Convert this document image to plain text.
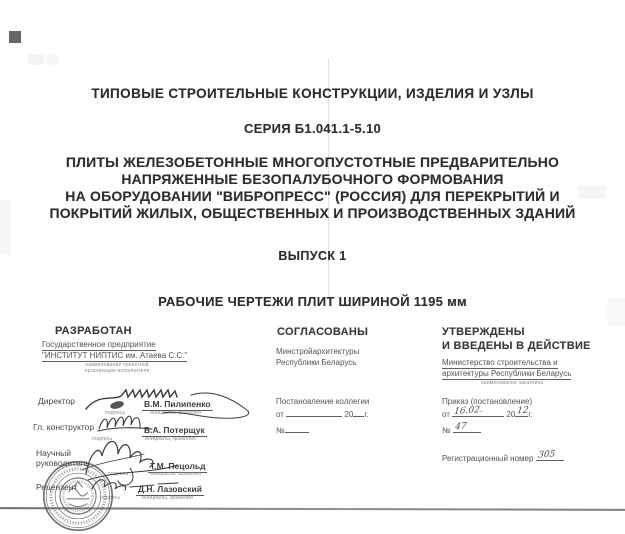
ТИПОВЫЕ СТРОИТЕЛЬНЫЕ КОНСТРУКЦИИ, ИЗДЕЛИЯ И УЗЛЫ
СЕРИЯ Б1.041.1-5.10
ПЛИТЫ ЖЕЛЕЗОБЕТОННЫЕ МНОГОПУСТОТНЫЕ ПРЕДВАРИТЕЛЬНО
НАПРЯЖЕННЫЕ БЕЗОПАЛУБОЧНОГО ФОРМОВАНИЯ
НА ОБОРУДОВАНИИ "ВИБРОПРЕСС" (РОССИЯ) ДЛЯ ПЕРЕКРЫТИЙ И
ПОКРЫТИЙ ЖИЛЫХ, ОБЩЕСТВЕННЫХ И ПРОИЗВОДСТВЕННЫХ ЗДАНИЙ
ВЫПУСК 1
РАБОЧИЕ ЧЕРТЕЖИ ПЛИТ ШИРИНОЙ 1195 мм
РАЗРАБОТАН
Государственное предприятие
"ИНСТИТУТ НИПТИС им. Атаева С.С."
наименование проектной
организации исполнителя
Директор	В.М. Пилипенко
подпись	инициалы, фамилия
Гл. конструктор	В.А. Потерщук
подпись	инициалы, фамилия
Научный руководитель	Т.М. Пецольд
подпись	инициалы, фамилия
Рецензент	Д.Н. Лазовский
подпись	инициалы, фамилия
СОГЛАСОВАНЫ
Минстройархитектуры
Республики Беларусь
Постановление коллегии
от	20 г.
№
УТВЕРЖДЕНЫ
И ВВЕДЕНЫ В ДЕЙСТВИЕ
Министерство строительства и
архитектуры Республики Беларусь
наименование заказчика
Приказ (постановление)
от 16.02.	20 12
г.
№ 47
Регистрационный номер 305
